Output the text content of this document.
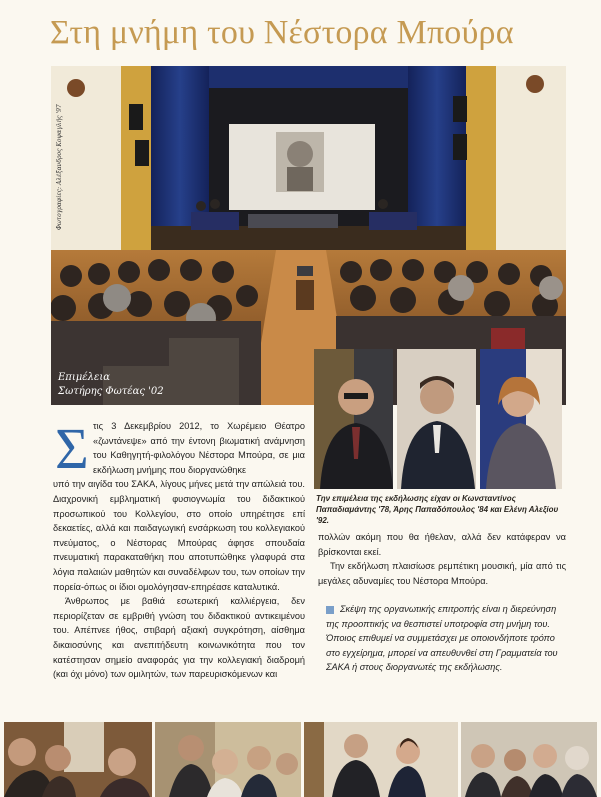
Στη μνήμη του Νέστορα Μπούρα
Φωτογραφίες: Αλέξανδρος Κοψαγλής '97
Επιμέλεια
Σωτήρης Φωτέας '02
Την επιμέλεια της εκδήλωσης είχαν οι Κωνσταντίνος Παπαδιαμάντης '78, Άρης Παπαδόπουλος '84 και Ελένη Αλεξίου '92.
Σ τις 3 Δεκεμβρίου 2012, το Χωρέμειο Θέατρο «ζωντάνεψε» από την έντονη βιωματική ανάμνηση του Καθηγητή-φιλολόγου Νέστορα Μπούρα, σε μια εκδήλωση μνήμης που διοργανώθηκε

υπό την αιγίδα του ΣΑΚΑ, λίγους μήνες μετά την απώλειά του. Διαχρονική εμβληματική φυσιογνωμία του διδακτικού προσωπικού του Κολλεγίου, στο οποίο υπηρέτησε επί δεκαετίες, αλλά και παιδαγωγική ενσάρκωση του κολλεγιακού πνεύματος, ο Νέστορας Μπούρας άφησε σπουδαία πνευματική παρακαταθήκη που αποτυπώθηκε γλαφυρά στα λόγια παλαιών μαθητών και συναδέλφων του, των οποίων την πορεία-όπως οι ίδιοι ομολόγησαν-επηρέασε καταλυτικά.

Άνθρωπος με βαθιά εσωτερική καλλιέργεια, δεν περιορίζεταν σε εμβριθή γνώση του διδακτικού αντικειμένου του. Απέπνεε ήθος, στιβαρή αξιακή συγκρότηση, αίσθημα δικαιοσύνης και ανεπιτήδευτη κοινωνικότητα που τον κατέστησαν σημείο αναφοράς για την κολλεγιακή διαδρομή (και όχι μόνο) των ομιλητών, των παρευρισκόμενων και

πολλών ακόμη που θα ήθελαν, αλλά δεν κατάφεραν να βρίσκονται εκεί.

Την εκδήλωση πλαισίωσε ρεμπέτικη μουσική, μία από τις μεγάλες αδυναμίες του Νέστορα Μπούρα.

Σκέψη της οργανωτικής επιτροπής είναι η διερεύνηση της προοπτικής να θεσπιστεί υποτροφία στη μνήμη του. Όποιος επιθυμεί να συμμετάσχει με οποιονδήποτε τρόπο στο εγχείρημα, μπορεί να απευθυνθεί στη Γραμματεία του ΣΑΚΑ ή στους διοργανωτές της εκδήλωσης.
